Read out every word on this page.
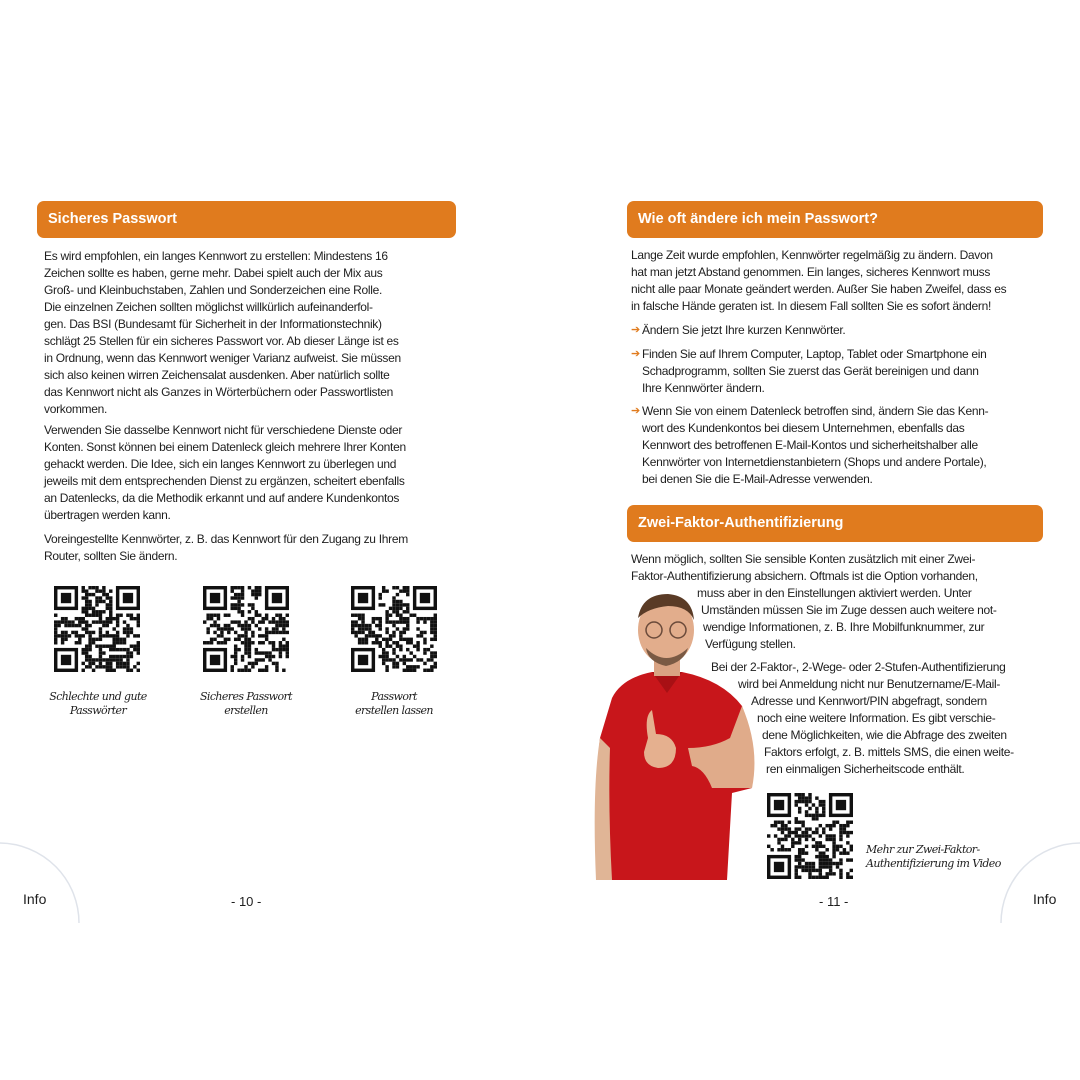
Sicheres Passwort
Es wird empfohlen, ein langes Kennwort zu erstellen: Mindestens 16
Zeichen sollte es haben, gerne mehr. Dabei spielt auch der Mix aus
Groß- und Kleinbuchstaben, Zahlen und Sonderzeichen eine Rolle.
Die einzelnen Zeichen sollten möglichst willkürlich aufeinanderfol-
gen. Das BSI (Bundesamt für Sicherheit in der Informationstechnik)
schlägt 25 Stellen für ein sicheres Passwort vor. Ab dieser Länge ist es
in Ordnung, wenn das Kennwort weniger Varianz aufweist. Sie müssen
sich also keinen wirren Zeichensalat ausdenken. Aber natürlich sollte
das Kennwort nicht als Ganzes in Wörterbüchern oder Passwortlisten
vorkommen.
Verwenden Sie dasselbe Kennwort nicht für verschiedene Dienste oder
Konten. Sonst können bei einem Datenleck gleich mehrere Ihrer Konten
gehackt werden. Die Idee, sich ein langes Kennwort zu überlegen und
jeweils mit dem entsprechenden Dienst zu ergänzen, scheitert ebenfalls
an Datenlecks, da die Methodik erkannt und auf andere Kundenkontos
übertragen werden kann.
Voreingestellte Kennwörter, z. B. das Kennwort für den Zugang zu Ihrem
Router, sollten Sie ändern.
Schlechte und gute
Passwörter
Sicheres Passwort
erstellen
Passwort
erstellen lassen
Info	- 10 -
Wie oft ändere ich mein Passwort?
Lange Zeit wurde empfohlen, Kennwörter regelmäßig zu ändern. Davon
hat man jetzt Abstand genommen. Ein langes, sicheres Kennwort muss
nicht alle paar Monate geändert werden. Außer Sie haben Zweifel, dass es
in falsche Hände geraten ist. In diesem Fall sollten Sie es sofort ändern!
➔ Ändern Sie jetzt Ihre kurzen Kennwörter.
➔ Finden Sie auf Ihrem Computer, Laptop, Tablet oder Smartphone ein
Schadprogramm, sollten Sie zuerst das Gerät bereinigen und dann
Ihre Kennwörter ändern.
➔ Wenn Sie von einem Datenleck betroffen sind, ändern Sie das Kenn-
wort des Kundenkontos bei diesem Unternehmen, ebenfalls das
Kennwort des betroffenen E-Mail-Kontos und sicherheitshalber alle
Kennwörter von Internetdienstanbietern (Shops und andere Portale),
bei denen Sie die E-Mail-Adresse verwenden.
Zwei-Faktor-Authentifizierung
Wenn möglich, sollten Sie sensible Konten zusätzlich mit einer Zwei-
Faktor-Authentifizierung absichern. Oftmals ist die Option vorhanden,
muss aber in den Einstellungen aktiviert werden. Unter
Umständen müssen Sie im Zuge dessen auch weitere not-
wendige Informationen, z. B. Ihre Mobilfunknummer, zur
Verfügung stellen.
Bei der 2-Faktor-, 2-Wege- oder 2-Stufen-Authentifizierung
wird bei Anmeldung nicht nur Benutzername/E-Mail-
Adresse und Kennwort/PIN abgefragt, sondern
noch eine weitere Information. Es gibt verschie-
dene Möglichkeiten, wie die Abfrage des zweiten
Faktors erfolgt, z. B. mittels SMS, die einen weite-
ren einmaligen Sicherheitscode enthält.
Mehr zur Zwei-Faktor-
Authentifizierung im Video
Info
- 11 -
